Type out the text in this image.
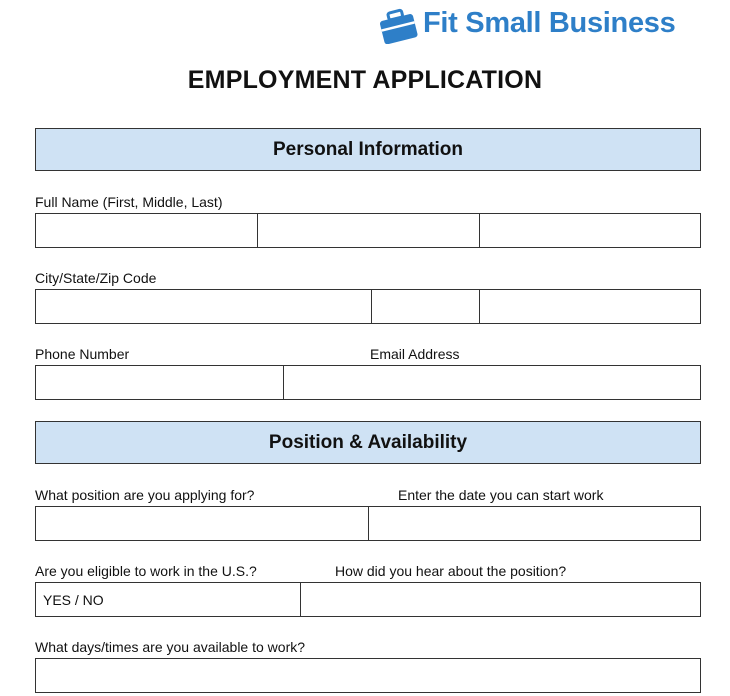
Fit Small Business
EMPLOYMENT APPLICATION
Personal Information
Full Name (First, Middle, Last)
City/State/Zip Code
Phone Number	Email Address
Position & Availability
What position are you applying for?	Enter the date you can start work
Are you eligible to work in the U.S.?	How did you hear about the position?
YES / NO
What days/times are you available to work?
